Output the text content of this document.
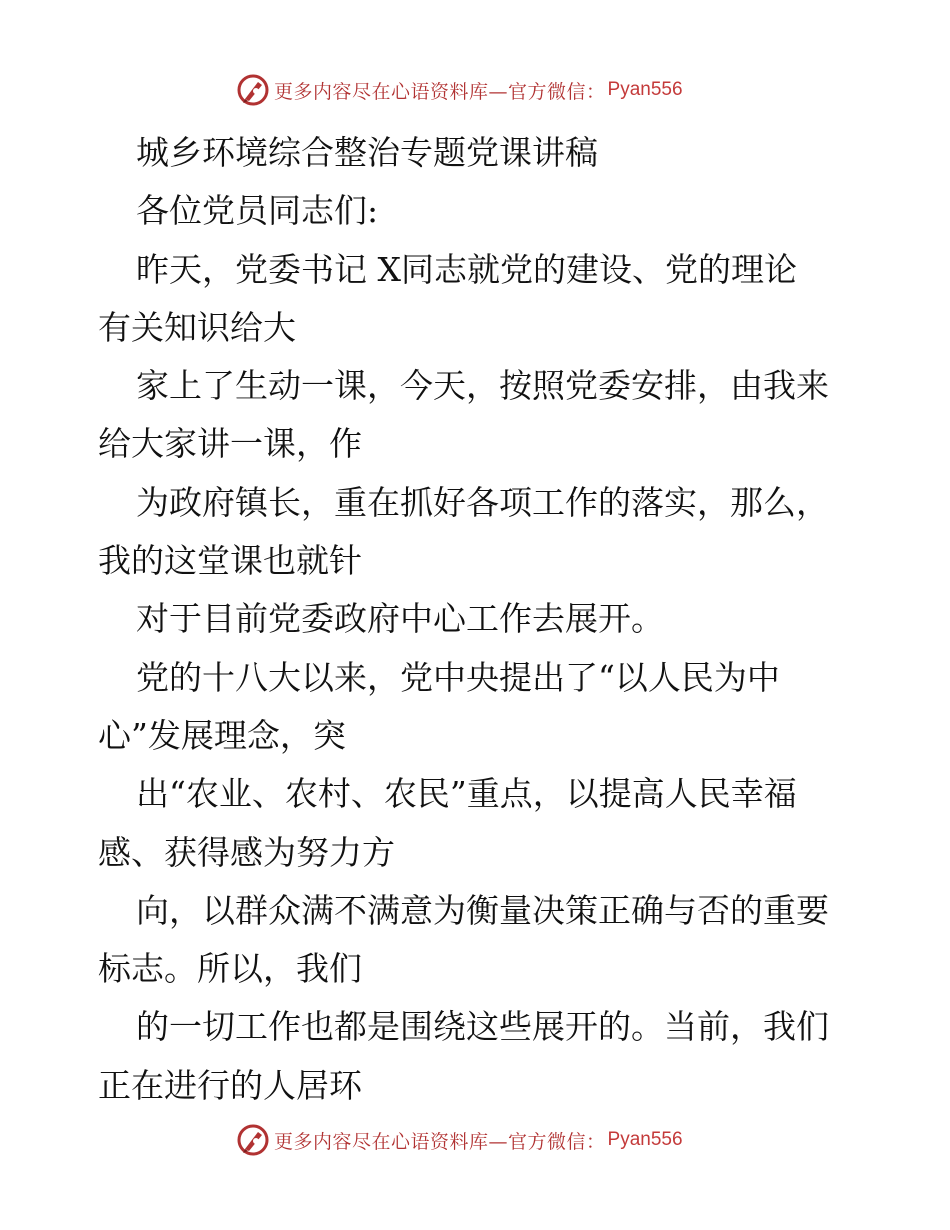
更多内容尽在心语资料库—官方微信： Pyan556
城乡环境综合整治专题党课讲稿
各位党员同志们:
昨天，党委书记 X同志就党的建设、党的理论
有关知识给大
家上了生动一课，今天，按照党委安排，由我来
给大家讲一课，作
为政府镇长，重在抓好各项工作的落实，那么，
我的这堂课也就针
对于目前党委政府中心工作去展开。
党的十八大以来，党中央提出了“以人民为中
心”发展理念，突
出“农业、农村、农民”重点，以提高人民幸福
感、获得感为努力方
向，以群众满不满意为衡量决策正确与否的重要
标志。所以，我们
的一切工作也都是围绕这些展开的。当前，我们
正在进行的人居环
更多内容尽在心语资料库—官方微信： Pyan556
